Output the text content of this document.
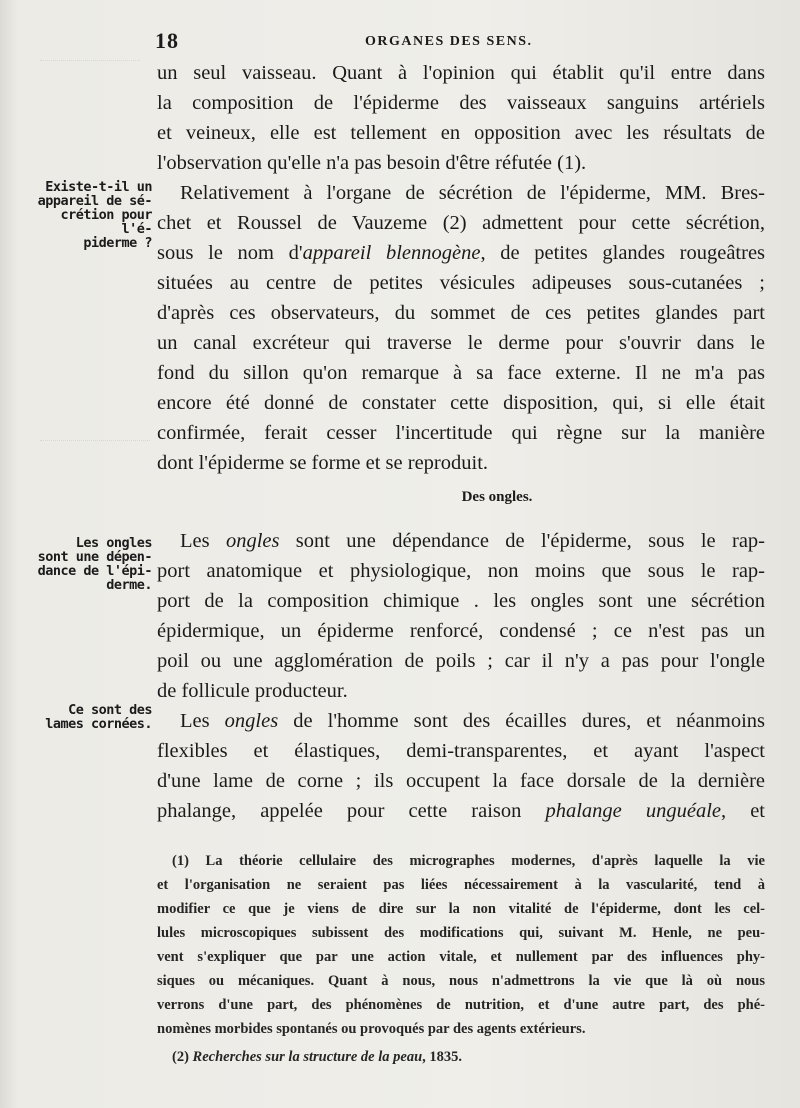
18	ORGANES DES SENS.
Existe-t-il un
appareil de sé-
crétion pour l'é-
piderme ?
Les ongles
sont une dépen-
dance de l'épi-
derme.
Ce sont des
lames cornées.
un seul vaisseau. Quant à l'opinion qui établit qu'il entre dans
la composition de l'épiderme des vaisseaux sanguins artériels
et veineux, elle est tellement en opposition avec les résultats de
l'observation qu'elle n'a pas besoin d'être réfutée (1).
Relativement à l'organe de sécrétion de l'épiderme, MM. Bres-
chet et Roussel de Vauzeme (2) admettent pour cette sécrétion,
sous le nom d'appareil blennogène, de petites glandes rougeâtres
situées au centre de petites vésicules adipeuses sous-cutanées ;
d'après ces observateurs, du sommet de ces petites glandes part
un canal excréteur qui traverse le derme pour s'ouvrir dans le
fond du sillon qu'on remarque à sa face externe. Il ne m'a pas
encore été donné de constater cette disposition, qui, si elle était
confirmée, ferait cesser l'incertitude qui règne sur la manière
dont l'épiderme se forme et se reproduit.
Des ongles.
Les ongles sont une dépendance de l'épiderme, sous le rap-
port anatomique et physiologique, non moins que sous le rap-
port de la composition chimique . les ongles sont une sécrétion
épidermique, un épiderme renforcé, condensé ; ce n'est pas un
poil ou une agglomération de poils ; car il n'y a pas pour l'ongle
de follicule producteur.
Les ongles de l'homme sont des écailles dures, et néanmoins
flexibles et élastiques, demi-transparentes, et ayant l'aspect
d'une lame de corne ; ils occupent la face dorsale de la dernière
phalange, appelée pour cette raison phalange unguéale, et
(1) La théorie cellulaire des micrographes modernes, d'après laquelle la vie
et l'organisation ne seraient pas liées nécessairement à la vascularité, tend à
modifier ce que je viens de dire sur la non vitalité de l'épiderme, dont les cel-
lules microscopiques subissent des modifications qui, suivant M. Henle, ne peu-
vent s'expliquer que par une action vitale, et nullement par des influences phy-
siques ou mécaniques. Quant à nous, nous n'admettrons la vie que là où nous
verrons d'une part, des phénomènes de nutrition, et d'une autre part, des phé-
nomènes morbides spontanés ou provoqués par des agents extérieurs.
(2) Recherches sur la structure de la peau, 1835.
